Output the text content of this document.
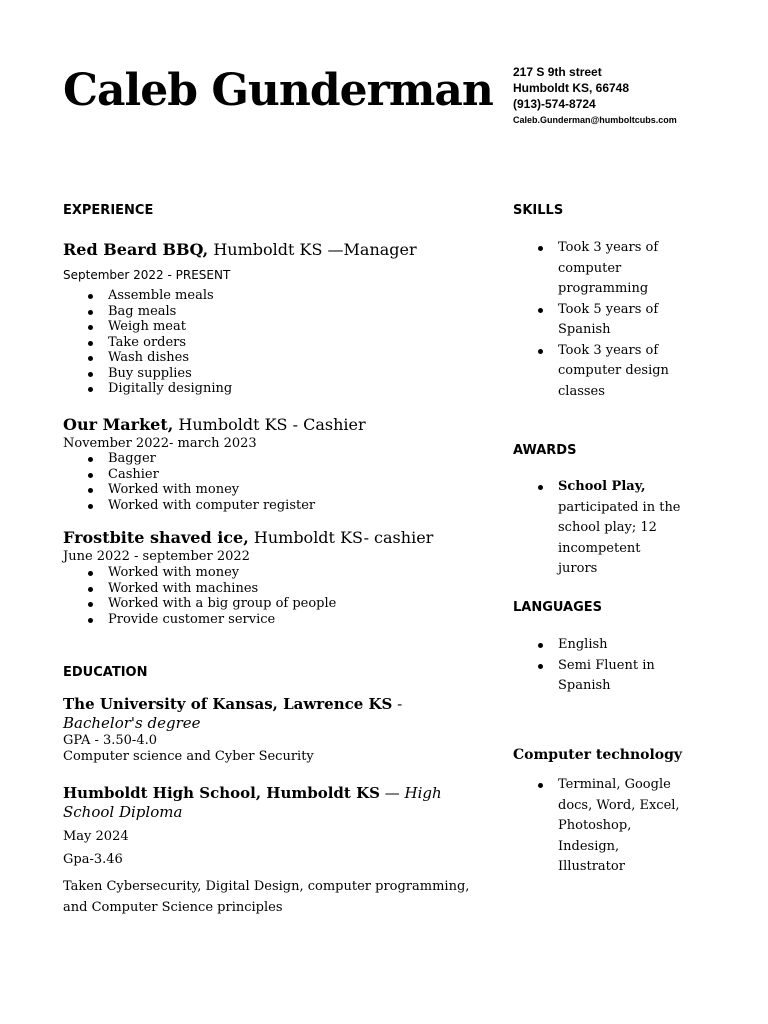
Caleb Gunderman 217 S 9th street
Humboldt KS, 66748
(913)-574-8724
Caleb.Gunderman@humboltcubs.com
EXPERIENCE
Red Beard BBQ, Humboldt KS —Manager
September 2022 - PRESENT
Assemble meals
Bag meals
Weigh meat
Take orders
Wash dishes
Buy supplies
Digitally designing
Our Market, Humboldt KS - Cashier
November 2022- march 2023
Bagger
Cashier
Worked with money
Worked with computer register
Frostbite shaved ice, Humboldt KS- cashier
June 2022 - september 2022
Worked with money
Worked with machines
Worked with a big group of people
Provide customer service
EDUCATION
The University of Kansas, Lawrence KS - Bachelor's degree
GPA - 3.50-4.0
Computer science and Cyber Security
Humboldt High School, Humboldt KS — High School Diploma
May 2024
Gpa-3.46
Taken Cybersecurity, Digital Design, computer programming, and Computer Science principles
SKILLS
Took 3 years of computer programming
Took 5 years of Spanish
Took 3 years of computer design classes
AWARDS
School Play, participated in the school play; 12 incompetent jurors
LANGUAGES
English
Semi Fluent in Spanish
Computer technology
Terminal, Google docs, Word, Excel, Photoshop, Indesign, Illustrator
